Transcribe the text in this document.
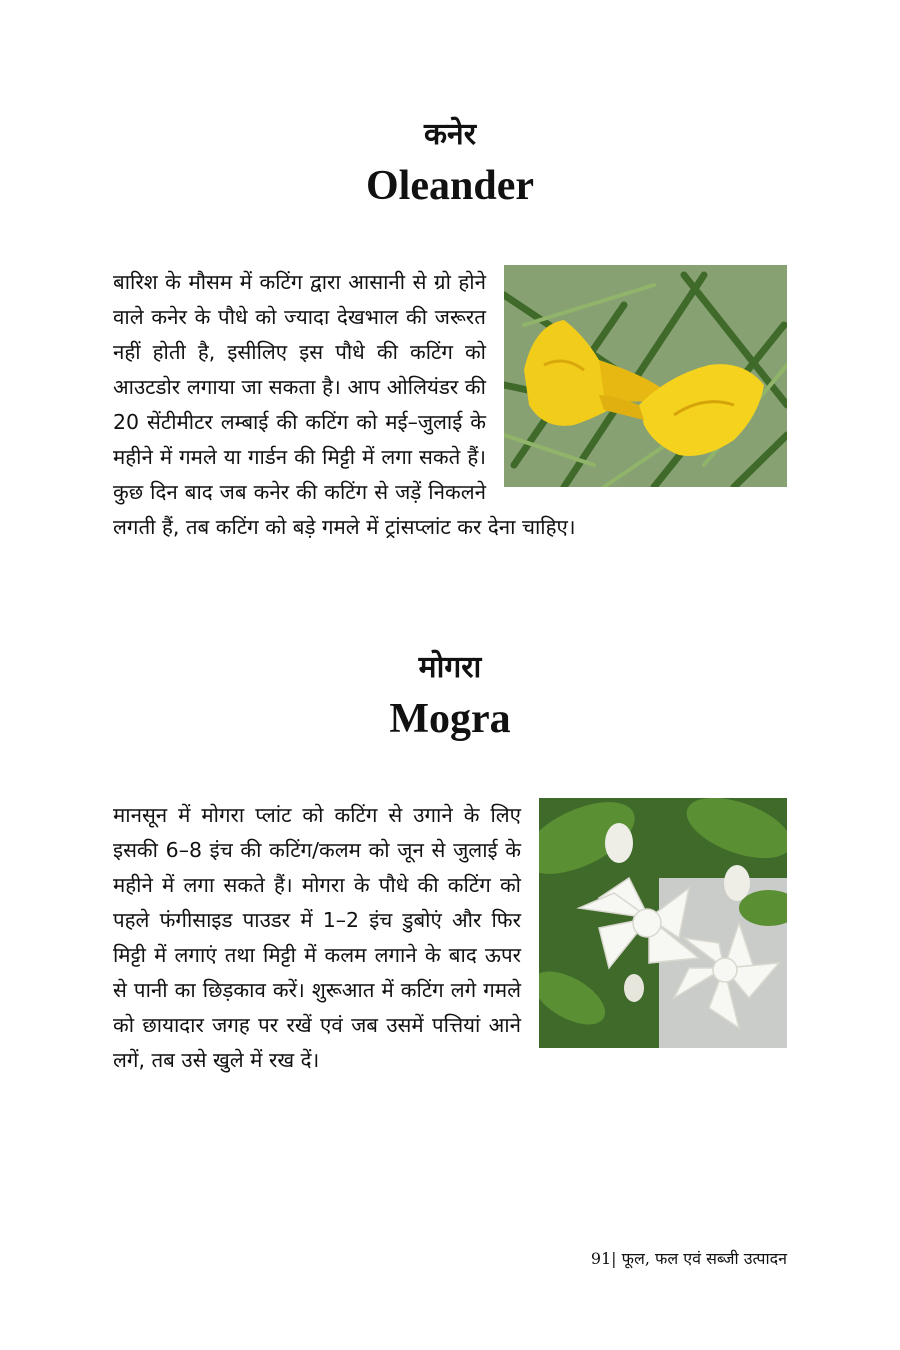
कनेर
Oleander

बारिश के मौसम में कटिंग द्वारा आसानी से ग्रो होने वाले कनेर के पौधे को ज्यादा देखभाल की जरूरत नहीं होती है, इसीलिए इस पौधे की कटिंग को आउटडोर लगाया जा सकता है। आप ओलियंडर की 20 सेंटीमीटर लम्बाई की कटिंग को मई–जुलाई के महीने में गमले या गार्डन की मिट्टी में लगा सकते हैं। कुछ दिन बाद जब कनेर की कटिंग से जड़ें निकलने लगती हैं, तब कटिंग को बड़े गमले में ट्रांसप्लांट कर देना चाहिए।

मोगरा
Mogra

मानसून में मोगरा प्लांट को कटिंग से उगाने के लिए इसकी 6–8 इंच की कटिंग/कलम को जून से जुलाई के महीने में लगा सकते हैं। मोगरा के पौधे की कटिंग को पहले फंगीसाइड पाउडर में 1–2 इंच डुबोएं और फिर मिट्टी में लगाएं तथा मिट्टी में कलम लगाने के बाद ऊपर से पानी का छिड़काव करें। शुरूआत में कटिंग लगे गमले को छायादार जगह पर रखें एवं जब उसमें पत्तियां आने लगें, तब उसे खुले में रख दें।

91| फूल, फल एवं सब्जी उत्पादन
